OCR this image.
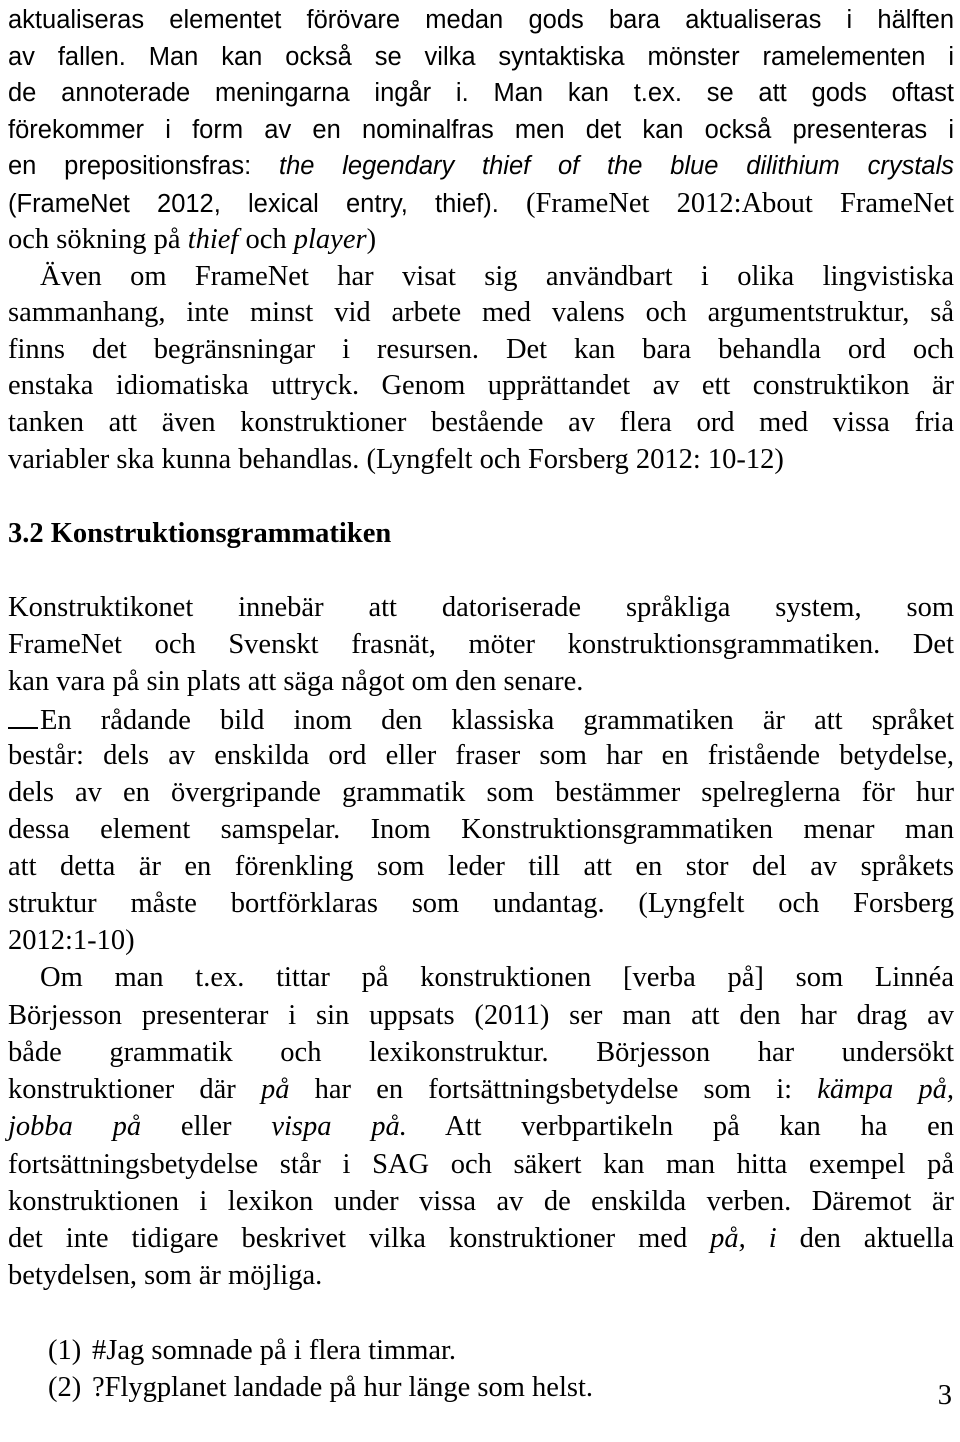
aktualiseras elementet förövare medan gods bara aktualiseras i hälften
av fallen. Man kan också se vilka syntaktiska mönster ramelementen i
de annoterade meningarna ingår i. Man kan t.ex. se att gods oftast
förekommer i form av en nominalfras men det kan också presenteras i
en prepositionsfras: the legendary thief of the blue dilithium crystals
(FrameNet 2012, lexical entry, thief). (FrameNet 2012:About FrameNet
och sökning på thief och player)
Även om FrameNet har visat sig användbart i olika lingvistiska
sammanhang, inte minst vid arbete med valens och argumentstruktur, så
finns det begränsningar i resursen. Det kan bara behandla ord och
enstaka idiomatiska uttryck. Genom upprättandet av ett construktikon är
tanken att även konstruktioner bestående av flera ord med vissa fria
variabler ska kunna behandlas. (Lyngfelt och Forsberg 2012: 10-12)
3.2 Konstruktionsgrammatiken
Konstruktikonet innebär att datoriserade språkliga system, som
FrameNet och Svenskt frasnät, möter konstruktionsgrammatiken. Det
kan vara på sin plats att säga något om den senare.
En rådande bild inom den klassiska grammatiken är att språket
består: dels av enskilda ord eller fraser som har en fristående betydelse,
dels av en övergripande grammatik som bestämmer spelreglerna för hur
dessa element samspelar. Inom Konstruktionsgrammatiken menar man
att detta är en förenkling som leder till att en stor del av språkets
struktur måste bortförklaras som undantag. (Lyngfelt och Forsberg
2012:1-10)
Om man t.ex. tittar på konstruktionen [verba på] som Linnéa
Börjesson presenterar i sin uppsats (2011) ser man att den har drag av
både grammatik och lexikonstruktur. Börjesson har undersökt
konstruktioner där på har en fortsättningsbetydelse som i: kämpa på,
jobba på eller vispa på. Att verbpartikeln på kan ha en
fortsättningsbetydelse står i SAG och säkert kan man hitta exempel på
konstruktionen i lexikon under vissa av de enskilda verben. Däremot är
det inte tidigare beskrivet vilka konstruktioner med på, i den aktuella
betydelsen, som är möjliga.
(1) #Jag somnade på i flera timmar.
(2) ?Flygplanet landade på hur länge som helst.	3
